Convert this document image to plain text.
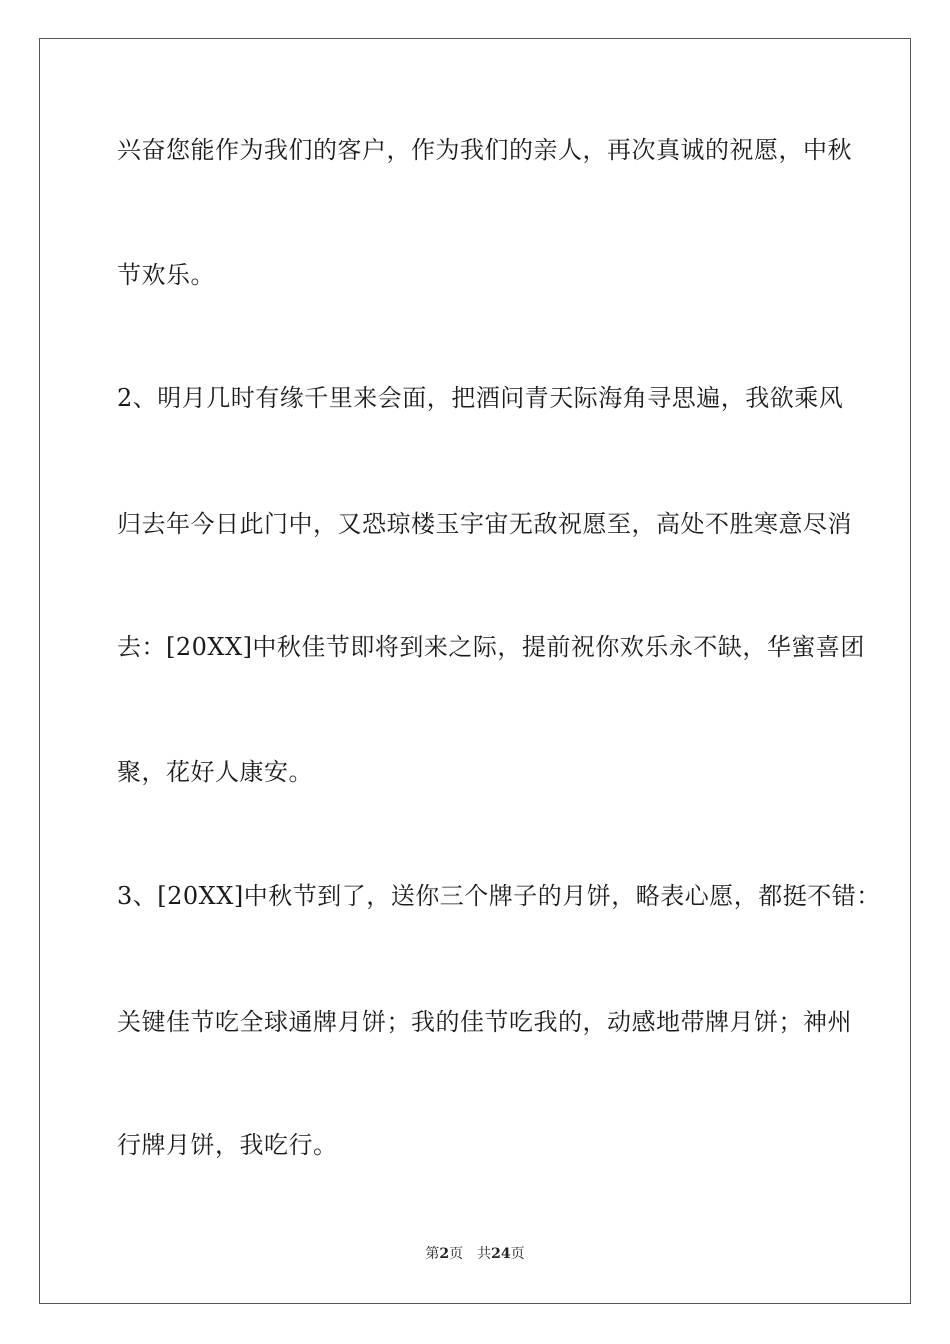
兴奋您能作为我们的客户，作为我们的亲人，再次真诚的祝愿，中秋
节欢乐。
2、明月几时有缘千里来会面，把酒问青天际海角寻思遍，我欲乘风
归去年今日此门中，又恐琼楼玉宇宙无敌祝愿至，高处不胜寒意尽消
去：[20XX]中秋佳节即将到来之际，提前祝你欢乐永不缺，华蜜喜团
聚，花好人康安。
3、[20XX]中秋节到了，送你三个牌子的月饼，略表心愿，都挺不错：
关键佳节吃全球通牌月饼；我的佳节吃我的，动感地带牌月饼；神州
行牌月饼，我吃行。
第2页 共24页
